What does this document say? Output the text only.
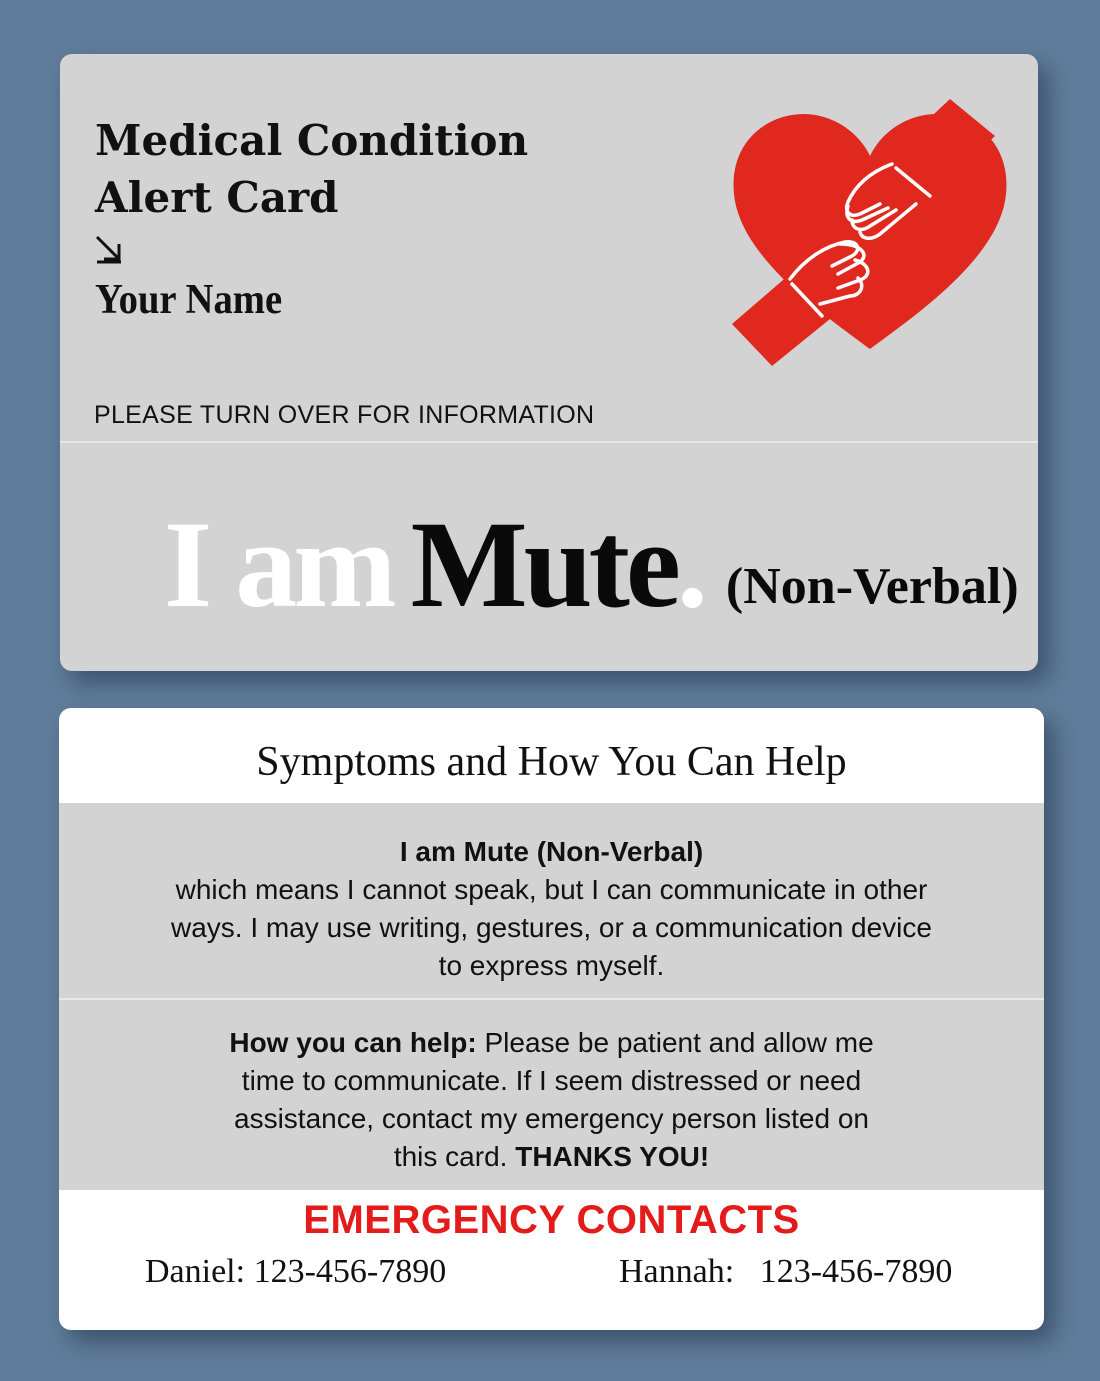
Medical Condition
Alert Card
Your Name
PLEASE TURN OVER FOR INFORMATION
I am Mute. (Non-Verbal)
Symptoms and How You Can Help
I am Mute (Non-Verbal)
which means I cannot speak, but I can communicate in other ways. I may use writing, gestures, or a communication device to express myself.
How you can help: Please be patient and allow me time to communicate. If I seem distressed or need assistance, contact my emergency person listed on this card. THANKS YOU!
EMERGENCY CONTACTS
Daniel: 123-456-7890	Hannah: 123-456-7890
